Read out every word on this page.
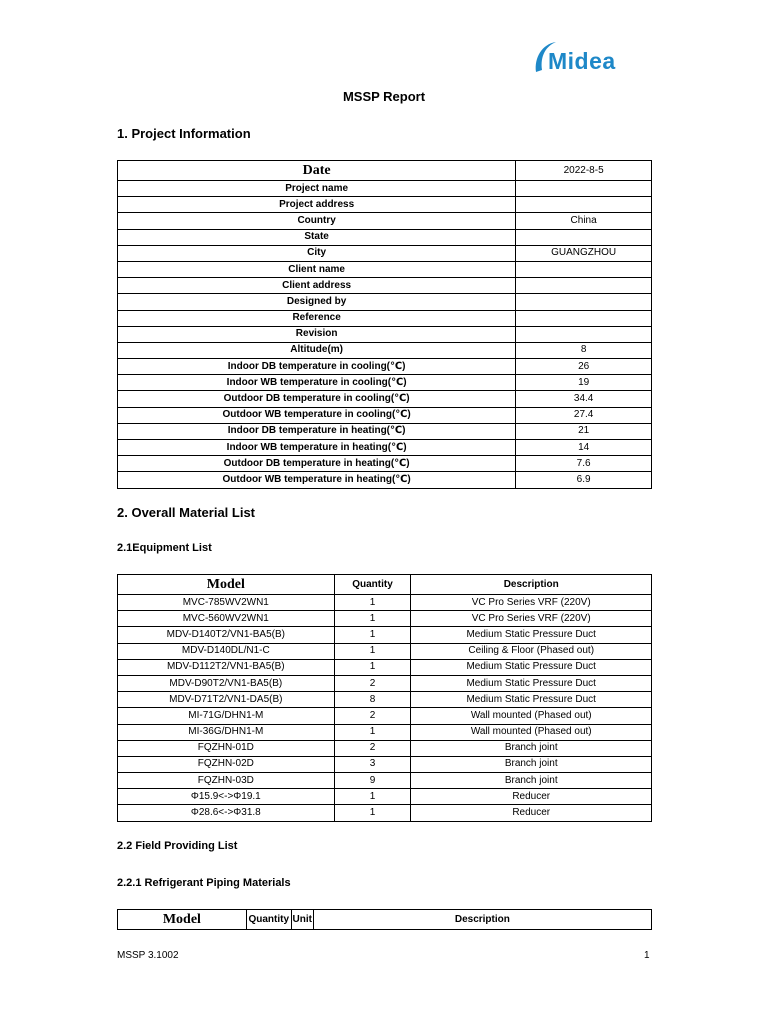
Midea
MSSP Report
1. Project Information
Date	2022-8-5
Project name	
Project address	
Country	China
State	
City	GUANGZHOU
Client name	
Client address	
Designed by	
Reference	
Revision	
Altitude(m)	8
Indoor DB temperature in cooling(℃)	26
Indoor WB temperature in cooling(℃)	19
Outdoor DB temperature in cooling(℃)	34.4
Outdoor WB temperature in cooling(℃)	27.4
Indoor DB temperature in heating(℃)	21
Indoor WB temperature in heating(℃)	14
Outdoor DB temperature in heating(℃)	7.6
Outdoor WB temperature in heating(℃)	6.9
2. Overall Material List
2.1Equipment List
Model	Quantity	Description
MVC-785WV2WN1	1	VC Pro Series VRF (220V)
MVC-560WV2WN1	1	VC Pro Series VRF (220V)
MDV-D140T2/VN1-BA5(B)	1	Medium Static Pressure Duct
MDV-D140DL/N1-C	1	Ceiling & Floor (Phased out)
MDV-D112T2/VN1-BA5(B)	1	Medium Static Pressure Duct
MDV-D90T2/VN1-BA5(B)	2	Medium Static Pressure Duct
MDV-D71T2/VN1-DA5(B)	8	Medium Static Pressure Duct
MI-71G/DHN1-M	2	Wall mounted (Phased out)
MI-36G/DHN1-M	1	Wall mounted (Phased out)
FQZHN-01D	2	Branch joint
FQZHN-02D	3	Branch joint
FQZHN-03D	9	Branch joint
Φ15.9<->Φ19.1	1	Reducer
Φ28.6<->Φ31.8	1	Reducer
2.2 Field Providing List
2.2.1 Refrigerant Piping Materials
Model	Quantity	Unit	Description
MSSP 3.1002	1
